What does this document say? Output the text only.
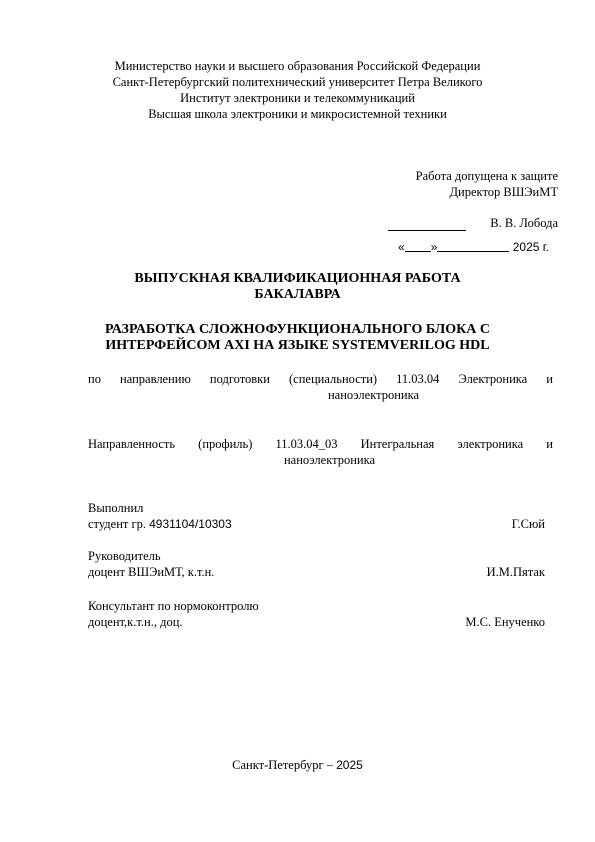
Министерство науки и высшего образования Российской Федерации
Санкт-Петербургский политехнический университет Петра Великого
Институт электроники и телекоммуникаций
Высшая школа электроники и микросистемной техники
Работа допущена к защите
Директор ВШЭиМТ
В. В. Лобода
« »	2025 г.
ВЫПУСКНАЯ КВАЛИФИКАЦИОННАЯ РАБОТА
БАКАЛАВРА
РАЗРАБОТКА СЛОЖНОФУНКЦИОНАЛЬНОГО БЛОКА С
ИНТЕРФЕЙСОМ AXI НА ЯЗЫКЕ SYSTEMVERILOG HDL
по направлению подготовки (специальности) 11.03.04 Электроника и
наноэлектроника
Направленность (профиль) 11.03.04_03 Интегральная электроника и
наноэлектроника
Выполнил
студент гр. 4931104/10303	Г.Сюй
Руководитель
доцент ВШЭиМТ, к.т.н.	И.М.Пятак
Консультант по нормоконтролю
доцент,к.т.н., доц.	М.С. Енученко
Санкт-Петербург – 2025
